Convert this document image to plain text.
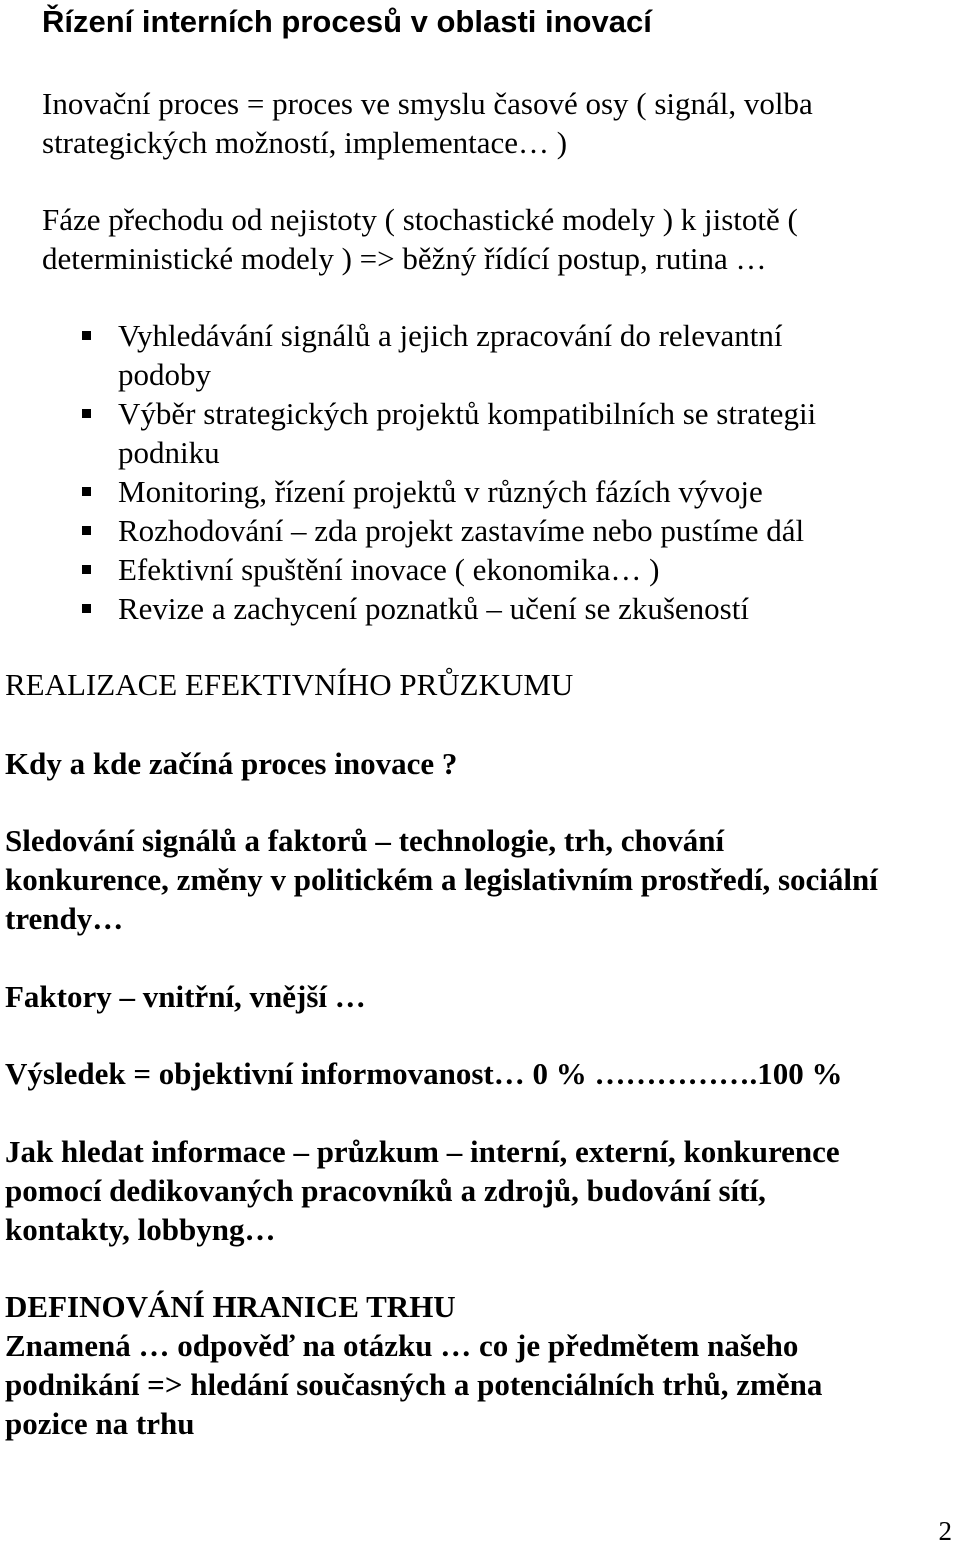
Řízení interních procesů v oblasti inovací
Inovační proces = proces ve smyslu časové osy ( signál, volba
strategických možností, implementace… )
Fáze přechodu od nejistoty ( stochastické modely ) k jistotě (
deterministické modely ) => běžný řídící postup, rutina …
Vyhledávání signálů a jejich zpracování do relevantní
podoby
Výběr strategických projektů kompatibilních se strategii
podniku
Monitoring, řízení projektů v různých fázích vývoje
Rozhodování – zda projekt zastavíme nebo pustíme dál
Efektivní spuštění inovace ( ekonomika… )
Revize a zachycení poznatků – učení se zkušeností
REALIZACE EFEKTIVNÍHO PRŮZKUMU
Kdy a kde začíná proces inovace ?
Sledování signálů a faktorů – technologie, trh, chování
konkurence, změny v politickém a legislativním prostředí, sociální
trendy…
Faktory – vnitřní, vnější …
Výsledek = objektivní informovanost… 0 % …………….100 %
Jak hledat informace – průzkum – interní, externí, konkurence
pomocí dedikovaných pracovníků a zdrojů, budování sítí,
kontakty, lobbyng…
DEFINOVÁNÍ HRANICE TRHU
Znamená … odpověď na otázku … co je předmětem našeho
podnikání => hledání současných a potenciálních trhů, změna
pozice na trhu
2
